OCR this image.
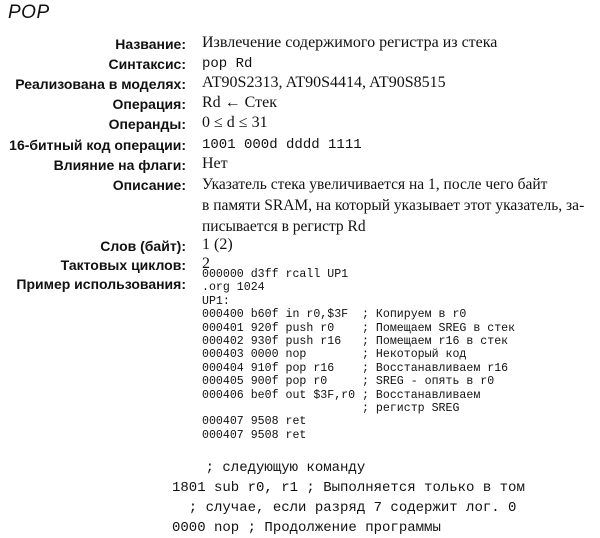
POP
Название: Извлечение содержимого регистра из стека
Синтаксис: pop Rd
Реализована в моделях: AT90S2313, AT90S4414, AT90S8515
Операция: Rd ← Стек
Операнды: 0 ≤ d ≤ 31
16-битный код операции: 1001 000d dddd 1111
Влияние на флаги: Нет
Описание: Указатель стека увеличивается на 1, после чего байт
в памяти SRAM, на который указывает этот указатель, за-
писывается в регистр Rd
Слов (байт): 1 (2)
Тактовых циклов: 2
Пример использования:
000000 d3ff rcall UP1
.org 1024
UP1:
000400 b60f in r0,$3F  ; Копируем в r0
000401 920f push r0    ; Помещаем SREG в стек
000402 930f push r16   ; Помещаем r16 в стек
000403 0000 nop        ; Некоторый код
000404 910f pop r16    ; Восстанавливаем r16
000405 900f pop r0     ; SREG - опять в r0
000406 be0f out $3F,r0 ; Восстанавливаем
; регистр SREG
000407 9508 ret
000407 9508 ret
; следующую команду
1801 sub r0, r1 ; Выполняется только в том
; случае, если разряд 7 содержит лог. 0
0000 nop ; Продолжение программы
